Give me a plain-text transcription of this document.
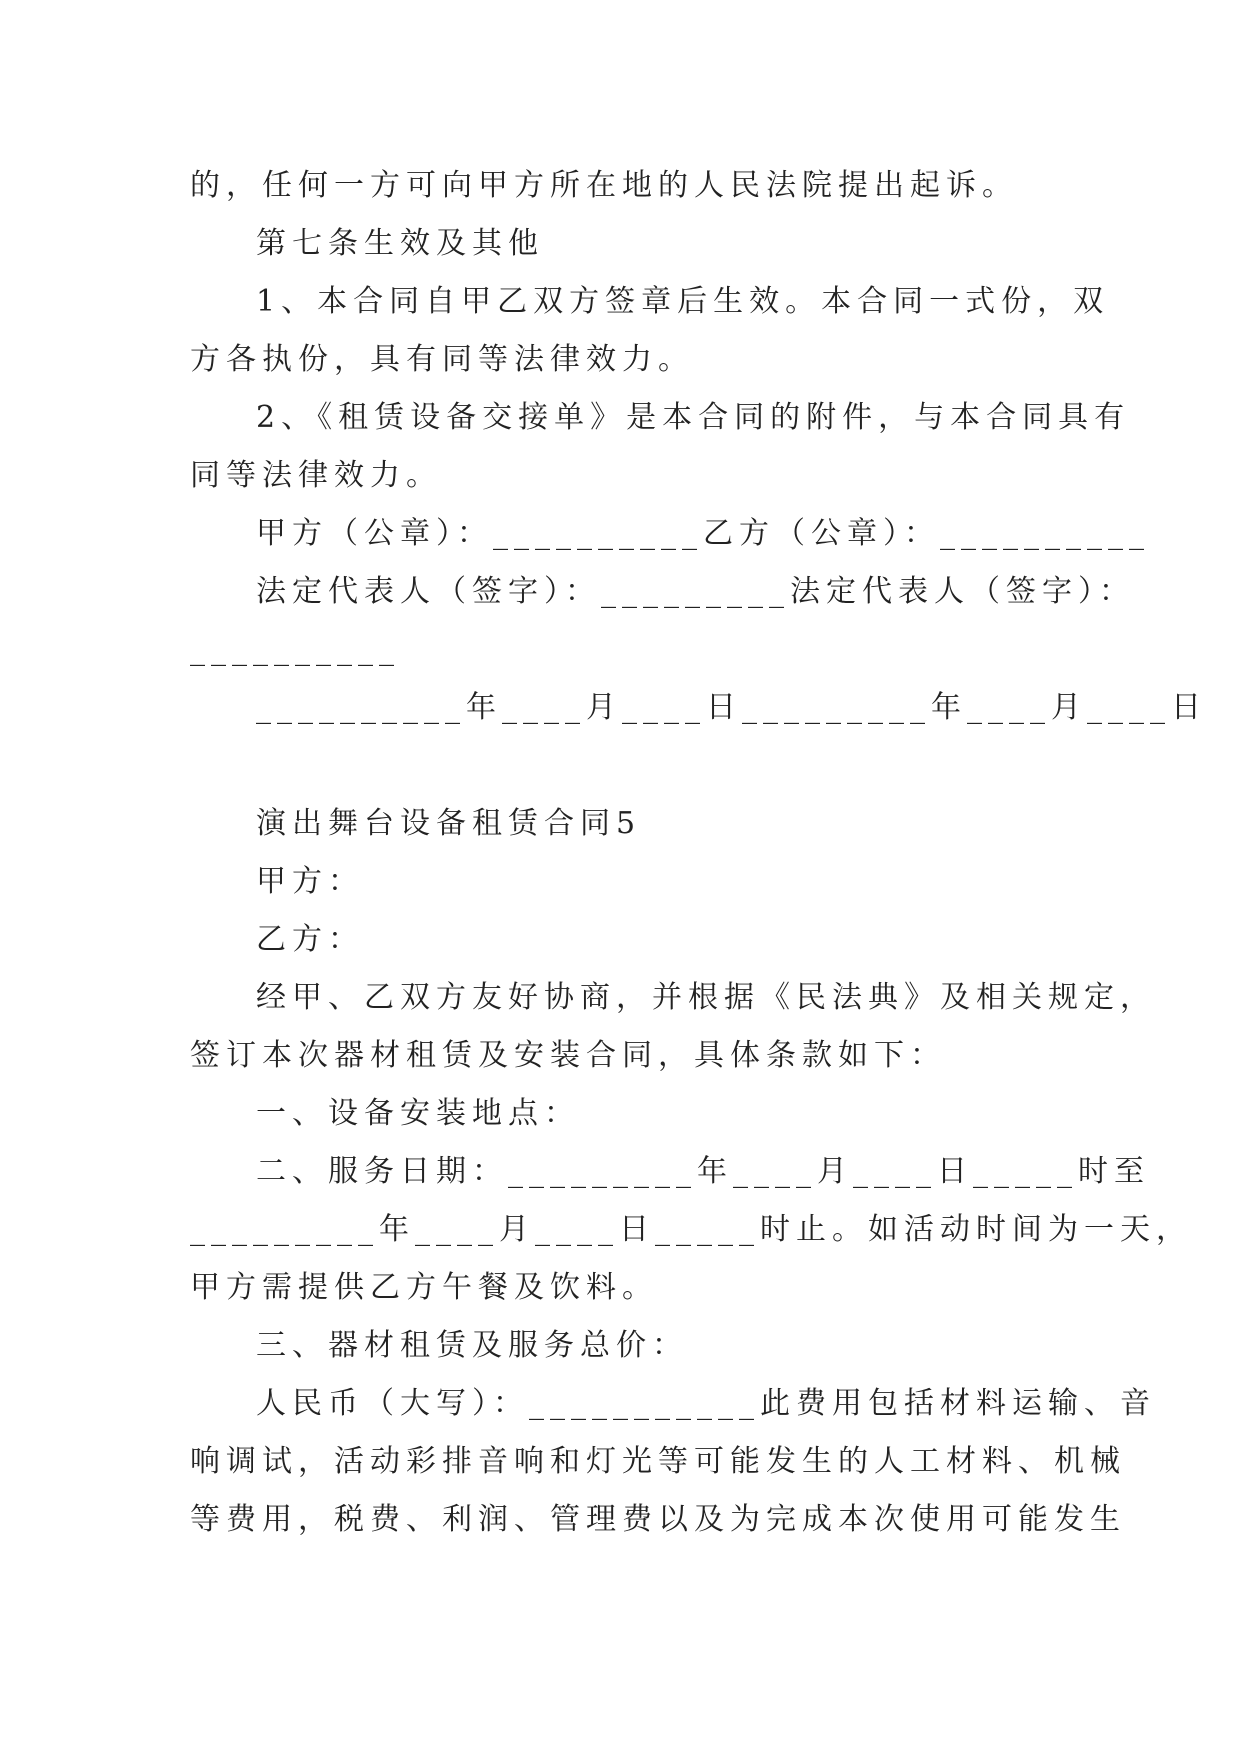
的，任何一方可向甲方所在地的人民法院提出起诉。

第七条生效及其他

1、本合同自甲乙双方签章后生效。本合同一式份，双

方各执份，具有同等法律效力。

2、《租赁设备交接单》是本合同的附件，与本合同具有

同等法律效力。

甲方（公章）：__________乙方（公章）：__________

法定代表人（签字）：_________法定代表人（签字）：

__________

__________年____月____日_________年____月____日

演出舞台设备租赁合同5

甲方：

乙方：

经甲、乙双方友好协商，并根据《民法典》及相关规定，

签订本次器材租赁及安装合同，具体条款如下：

一、设备安装地点：

二、服务日期：_________年____月____日_____时至

_________年____月____日_____时止。如活动时间为一天，

甲方需提供乙方午餐及饮料。

三、器材租赁及服务总价：

人民币（大写）：___________此费用包括材料运输、音

响调试，活动彩排音响和灯光等可能发生的人工材料、机械

等费用，税费、利润、管理费以及为完成本次使用可能发生
